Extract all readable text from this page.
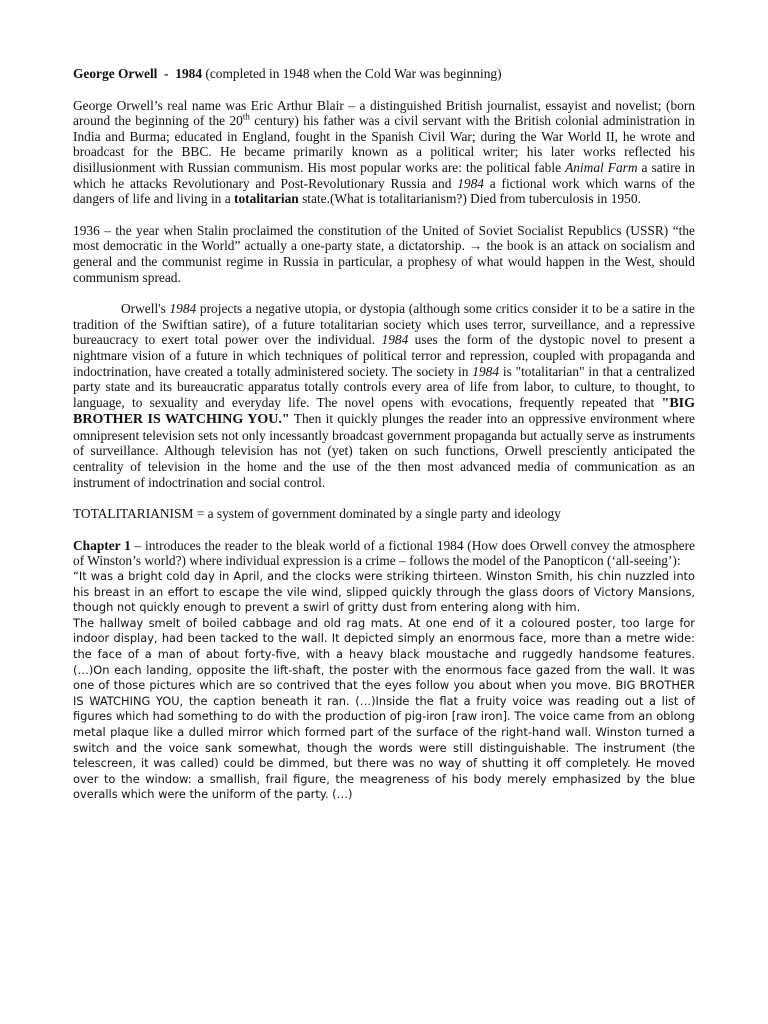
George Orwell  -  1984 (completed in 1948 when the Cold War was beginning)

George Orwell’s real name was Eric Arthur Blair – a distinguished British journalist, essayist and novelist; (born around the beginning of the 20th century) his father was a civil servant with the British colonial administration in India and Burma; educated in England, fought in the Spanish Civil War; during the War World II, he wrote and broadcast for the BBC. He became primarily known as a political writer; his later works reflected his disillusionment with Russian communism. His most popular works are: the political fable Animal Farm a satire in which he attacks Revolutionary and Post-Revolutionary Russia and 1984 a fictional work which warns of the dangers of life and living in a totalitarian state.(What is totalitarianism?) Died from tuberculosis in 1950.

1936 – the year when Stalin proclaimed the constitution of the United of Soviet Socialist Republics (USSR) “the most democratic in the World” actually a one-party state, a dictatorship. → the book is an attack on socialism and general and the communist regime in Russia in particular, a prophesy of what would happen in the West, should communism spread.

Orwell's 1984 projects a negative utopia, or dystopia (although some critics consider it to be a satire in the tradition of the Swiftian satire), of a future totalitarian society which uses terror, surveillance, and a repressive bureaucracy to exert total power over the individual. 1984 uses the form of the dystopic novel to present a nightmare vision of a future in which techniques of political terror and repression, coupled with propaganda and indoctrination, have created a totally administered society. The society in 1984 is "totalitarian" in that a centralized party state and its bureaucratic apparatus totally controls every area of life from labor, to culture, to thought, to language, to sexuality and everyday life. The novel opens with evocations, frequently repeated that "BIG BROTHER IS WATCHING YOU." Then it quickly plunges the reader into an oppressive environment where omnipresent television sets not only incessantly broadcast government propaganda but actually serve as instruments of surveillance. Although television has not (yet) taken on such functions, Orwell presciently anticipated the centrality of television in the home and the use of the then most advanced media of communication as an instrument of indoctrination and social control.

TOTALITARIANISM = a system of government dominated by a single party and ideology

Chapter 1 – introduces the reader to the bleak world of a fictional 1984 (How does Orwell convey the atmosphere of Winston’s world?) where individual expression is a crime – follows the model of the Panopticon (‘all-seeing’):

“It was a bright cold day in April, and the clocks were striking thirteen. Winston Smith, his chin nuzzled into his breast in an effort to escape the vile wind, slipped quickly through the glass doors of Victory Mansions, though not quickly enough to prevent a swirl of gritty dust from entering along with him.

The hallway smelt of boiled cabbage and old rag mats. At one end of it a coloured poster, too large for indoor display, had been tacked to the wall. It depicted simply an enormous face, more than a metre wide: the face of a man of about forty-five, with a heavy black moustache and ruggedly handsome features. (…)On each landing, opposite the lift-shaft, the poster with the enormous face gazed from the wall. It was one of those pictures which are so contrived that the eyes follow you about when you move. BIG BROTHER IS WATCHING YOU, the caption beneath it ran. (…)Inside the flat a fruity voice was reading out a list of figures which had something to do with the production of pig-iron [raw iron]. The voice came from an oblong metal plaque like a dulled mirror which formed part of the surface of the right-hand wall. Winston turned a switch and the voice sank somewhat, though the words were still distinguishable. The instrument (the telescreen, it was called) could be dimmed, but there was no way of shutting it off completely. He moved over to the window: a smallish, frail figure, the meagreness of his body merely emphasized by the blue overalls which were the uniform of the party. (…)
